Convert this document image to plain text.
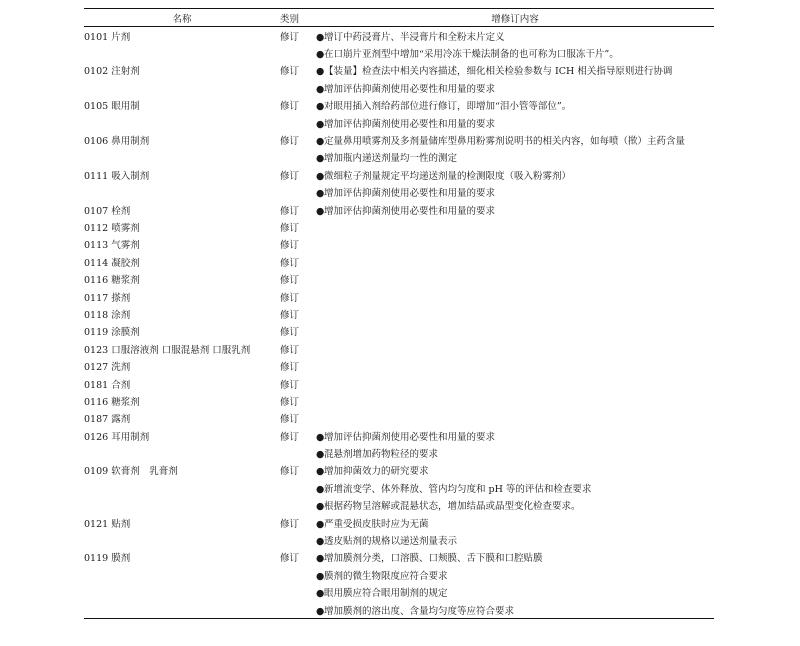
名称	类别	增修订内容
0101 片剂	修订	●增订中药浸膏片、半浸膏片和全粉末片定义
		●在口崩片亚剂型中增加“采用冷冻干燥法制备的也可称为口服冻干片”。
0102 注射剂	修订	●【装量】检查法中相关内容描述，细化相关检验参数与 ICH 相关指导原则进行协调
		●增加评估抑菌剂使用必要性和用量的要求
0105 眼用制	修订	●对眼用插入剂给药部位进行修订，即增加“泪小管等部位”。
		●增加评估抑菌剂使用必要性和用量的要求
0106 鼻用制剂	修订	●定量鼻用喷雾剂及多剂量储库型鼻用粉雾剂说明书的相关内容，如每喷（揿）主药含量
		●增加瓶内递送剂量均一性的测定
0111 吸入制剂	修订	●微细粒子剂量规定平均递送剂量的检测限度（吸入粉雾剂）
		●增加评估抑菌剂使用必要性和用量的要求
0107 栓剂	修订	●增加评估抑菌剂使用必要性和用量的要求
0112 喷雾剂	修订	
0113 气雾剂	修订	
0114 凝胶剂	修订	
0116 糖浆剂	修订	
0117 搽剂	修订	
0118 涂剂	修订	
0119 涂膜剂	修订	
0123 口服溶液剂 口服混悬剂 口服乳剂	修订	
0127 洗剂	修订	
0181 合剂	修订	
0116 糖浆剂	修订	
0187 露剂	修订	
0126 耳用制剂	修订	●增加评估抑菌剂使用必要性和用量的要求
		●混悬剂增加药物粒径的要求
0109 软膏剂　乳膏剂	修订	●增加抑菌效力的研究要求
		●新增流变学、体外释放、管内均匀度和 pH 等的评估和检查要求
		●根据药物呈溶解或混悬状态，增加结晶或晶型变化检查要求。
0121 贴剂	修订	●严重受损皮肤时应为无菌
		●透皮贴剂的规格以递送剂量表示
0119 膜剂	修订	●增加膜剂分类，口溶膜、口颊膜、舌下膜和口腔贴膜
		●膜剂的微生物限度应符合要求
		●眼用膜应符合眼用制剂的规定
		●增加膜剂的溶出度、含量均匀度等应符合要求
